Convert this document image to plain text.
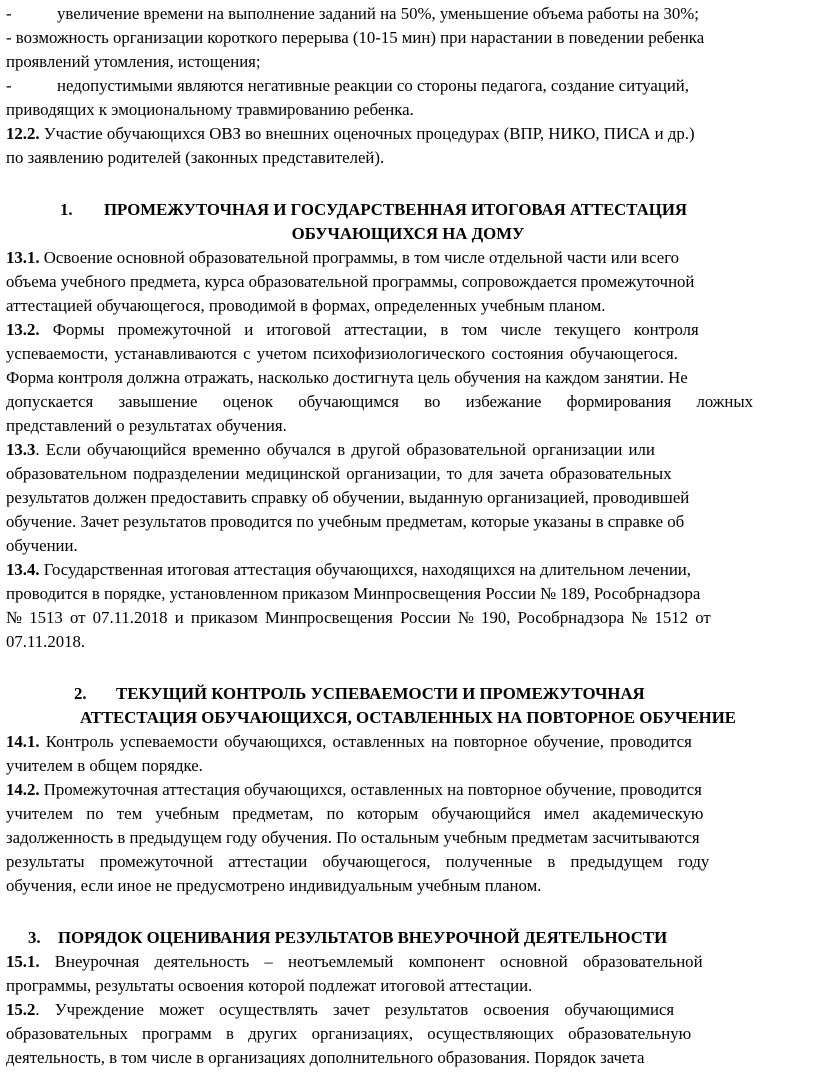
-	увеличение времени на выполнение заданий на 50%, уменьшение объема работы на 30%;
- возможность организации короткого перерыва (10-15 мин) при нарастании в поведении ребенка
проявлений утомления, истощения;
-	недопустимыми являются негативные реакции со стороны педагога, создание ситуаций,
приводящих к эмоциональному травмированию ребенка.
12.2. Участие обучающихся ОВЗ во внешних оценочных процедурах (ВПР, НИКО, ПИСА и др.)
по заявлению родителей (законных представителей).
1. ПРОМЕЖУТОЧНАЯ И ГОСУДАРСТВЕННАЯ ИТОГОВАЯ АТТЕСТАЦИЯ
ОБУЧАЮЩИХСЯ НА ДОМУ
13.1. Освоение основной образовательной программы, в том числе отдельной части или всего
объема учебного предмета, курса образовательной программы, сопровождается промежуточной
аттестацией обучающегося, проводимой в формах, определенных учебным планом.
13.2. Формы промежуточной и итоговой аттестации, в том числе текущего контроля
успеваемости, устанавливаются с учетом психофизиологического состояния обучающегося.
Форма контроля должна отражать, насколько достигнута цель обучения на каждом занятии. Не
допускается завышение оценок обучающимся во избежание формирования ложных
представлений о результатах обучения.
13.3. Если обучающийся временно обучался в другой образовательной организации или
образовательном подразделении медицинской организации, то для зачета образовательных
результатов должен предоставить справку об обучении, выданную организацией, проводившей
обучение. Зачет результатов проводится по учебным предметам, которые указаны в справке об
обучении.
13.4. Государственная итоговая аттестация обучающихся, находящихся на длительном лечении,
проводится в порядке, установленном приказом Минпросвещения России № 189, Рособрнадзора
№ 1513 от 07.11.2018 и приказом Минпросвещения России № 190, Рособрнадзора № 1512 от
07.11.2018.
2. ТЕКУЩИЙ КОНТРОЛЬ УСПЕВАЕМОСТИ И ПРОМЕЖУТОЧНАЯ
АТТЕСТАЦИЯ ОБУЧАЮЩИХСЯ, ОСТАВЛЕННЫХ НА ПОВТОРНОЕ ОБУЧЕНИЕ
14.1. Контроль успеваемости обучающихся, оставленных на повторное обучение, проводится
учителем в общем порядке.
14.2. Промежуточная аттестация обучающихся, оставленных на повторное обучение, проводится
учителем по тем учебным предметам, по которым обучающийся имел академическую
задолженность в предыдущем году обучения. По остальным учебным предметам засчитываются
результаты промежуточной аттестации обучающегося, полученные в предыдущем году
обучения, если иное не предусмотрено индивидуальным учебным планом.
3. ПОРЯДОК ОЦЕНИВАНИЯ РЕЗУЛЬТАТОВ ВНЕУРОЧНОЙ ДЕЯТЕЛЬНОСТИ
15.1. Внеурочная деятельность – неотъемлемый компонент основной образовательной
программы, результаты освоения которой подлежат итоговой аттестации.
15.2. Учреждение может осуществлять зачет результатов освоения обучающимися
образовательных программ в других организациях, осуществляющих образовательную
деятельность, в том числе в организациях дополнительного образования. Порядок зачета
